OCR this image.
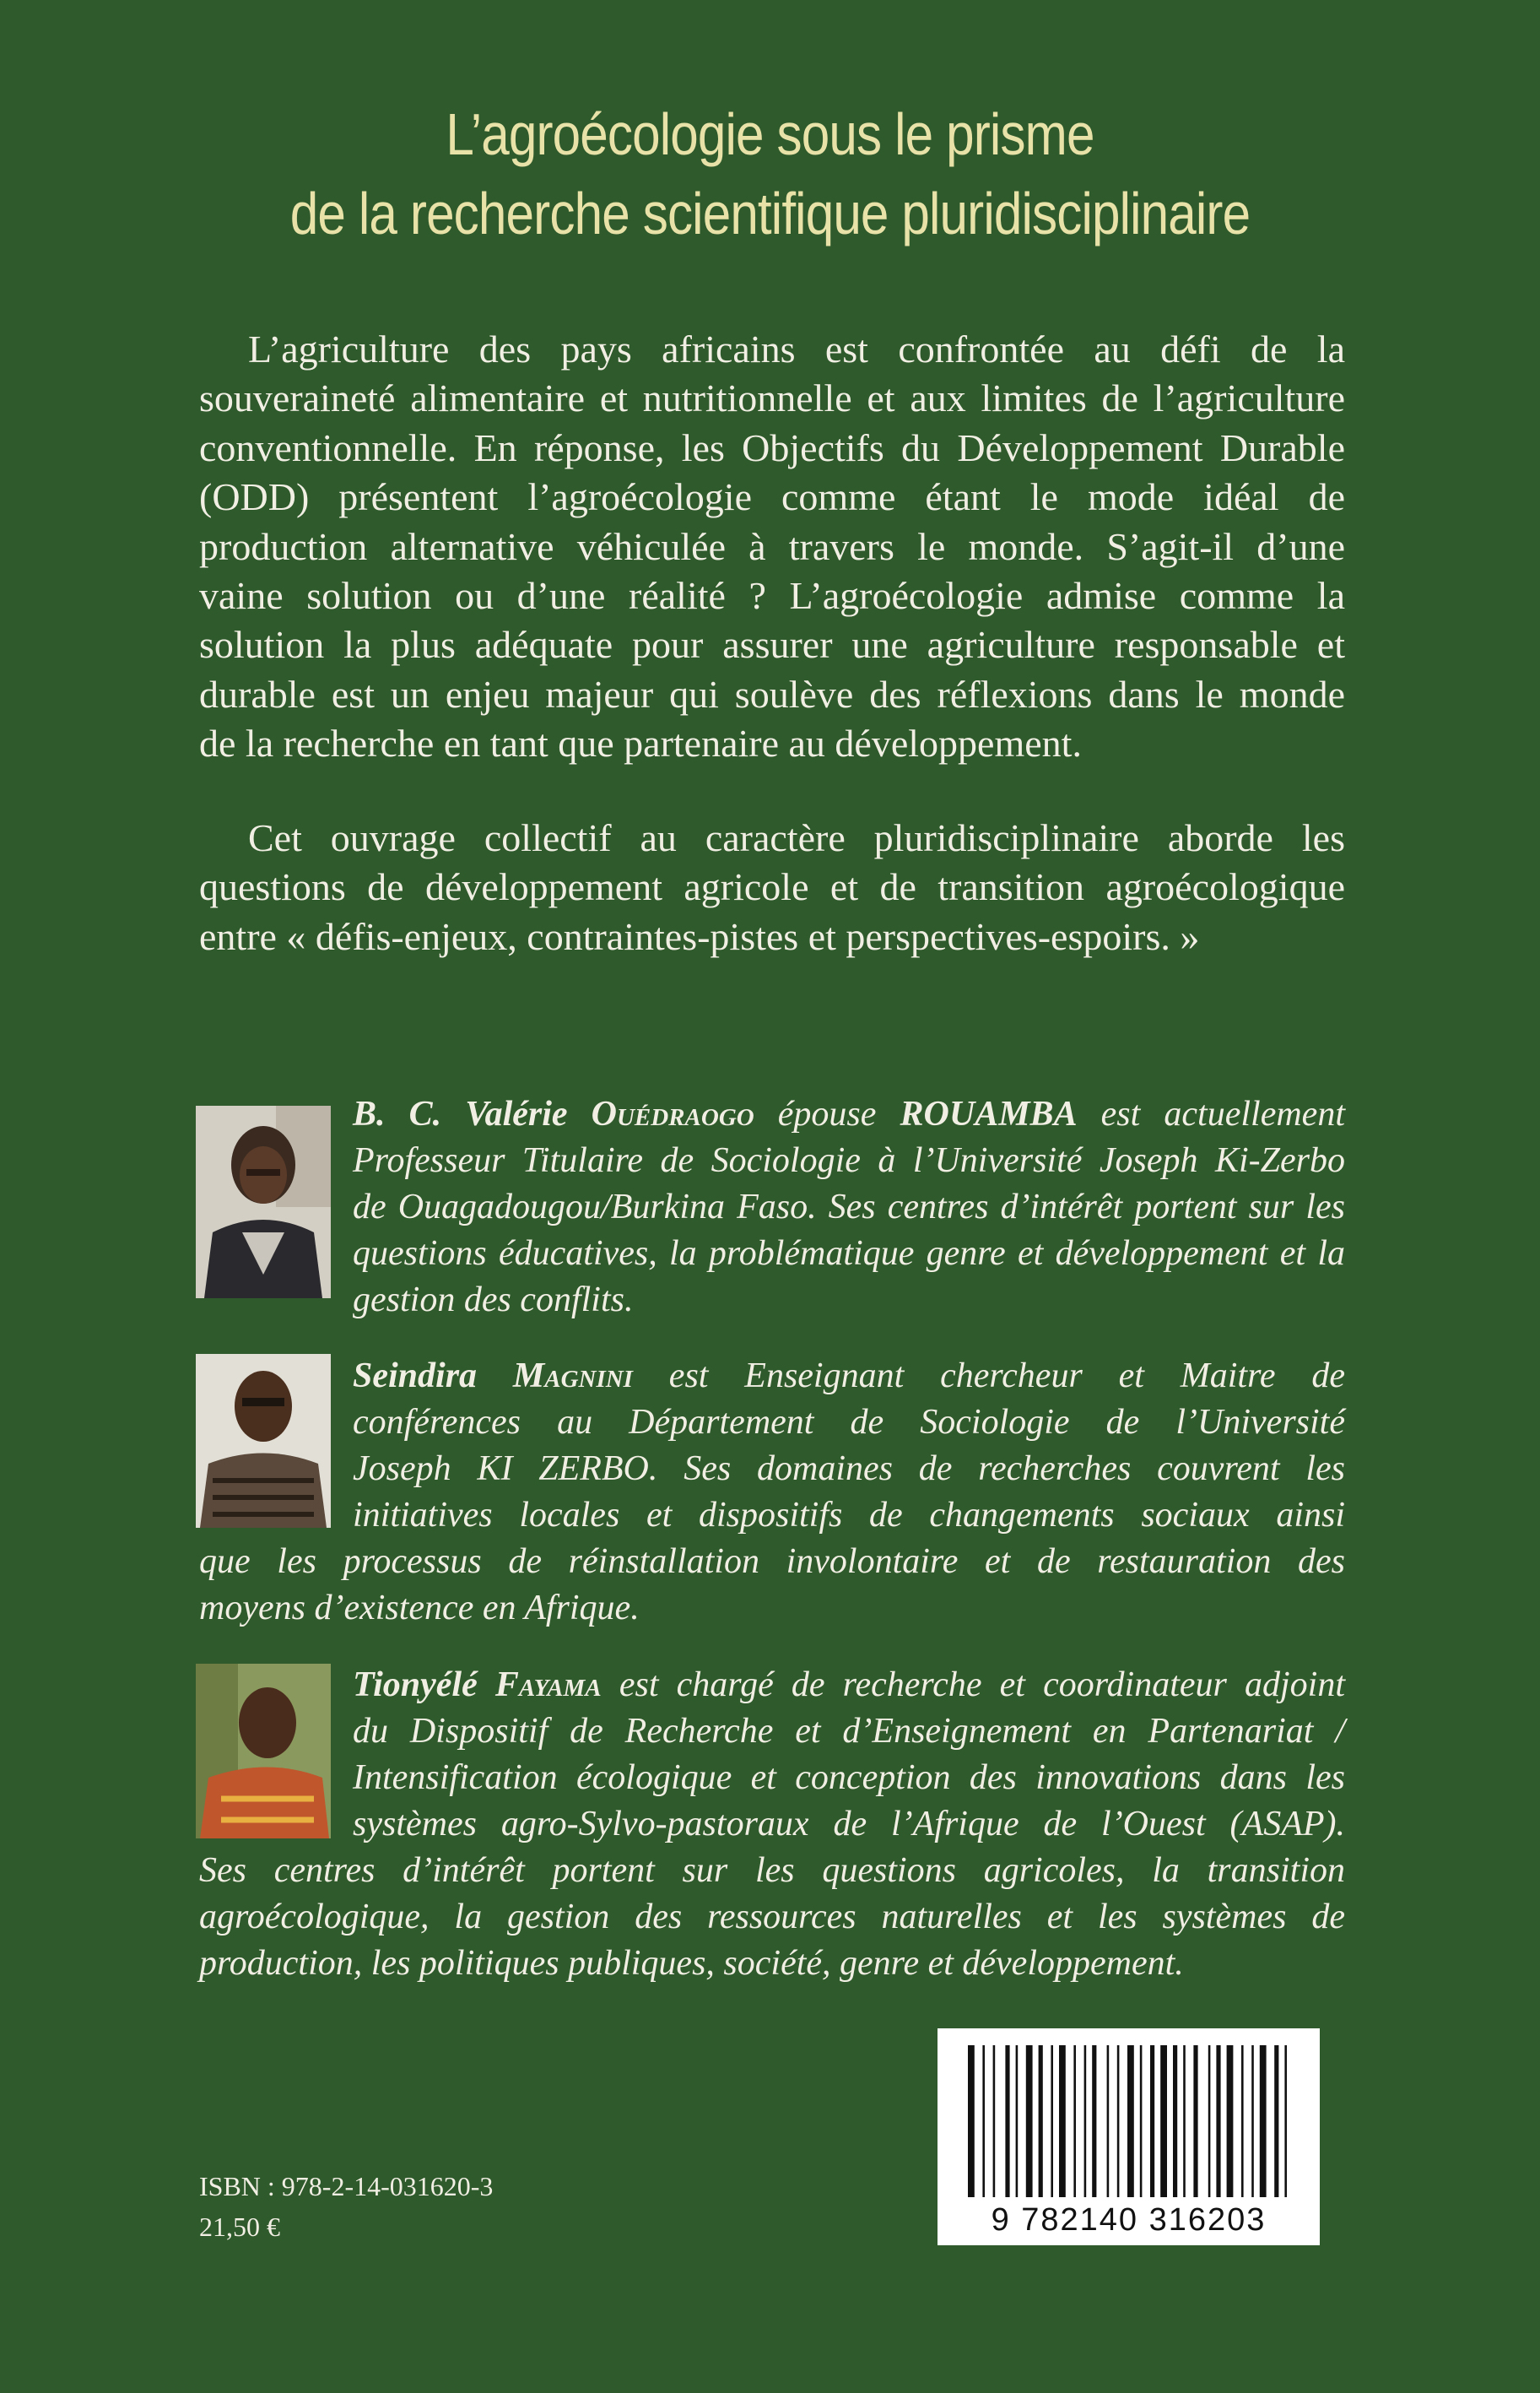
L’agroécologie sous le prisme
de la recherche scientifique pluridisciplinaire
L’agriculture des pays africains est confrontée au défi de la
souveraineté alimentaire et nutritionnelle et aux limites de l’agriculture
conventionnelle. En réponse, les Objectifs du Développement Durable
(ODD) présentent l’agroécologie comme étant le mode idéal de
production alternative véhiculée à travers le monde. S’agit-il d’une
vaine solution ou d’une réalité ? L’agroécologie admise comme la
solution la plus adéquate pour assurer une agriculture responsable et
durable est un enjeu majeur qui soulève des réflexions dans le monde
de la recherche en tant que partenaire au développement.
Cet ouvrage collectif au caractère pluridisciplinaire aborde les
questions de développement agricole et de transition agroécologique
entre « défis-enjeux, contraintes-pistes et perspectives-espoirs. »
B. C. Valérie Ouédraogo épouse ROUAMBA est actuellement
Professeur Titulaire de Sociologie à l’Université Joseph Ki-Zerbo
de Ouagadougou/Burkina Faso. Ses centres d’intérêt portent sur les
questions éducatives, la problématique genre et développement et la
gestion des conflits.
Seindira Magnini est Enseignant chercheur et Maitre de
conférences au Département de Sociologie de l’Université
Joseph KI ZERBO. Ses domaines de recherches couvrent les
initiatives locales et dispositifs de changements sociaux ainsi
que les processus de réinstallation involontaire et de restauration des
moyens d’existence en Afrique.
Tionyélé Fayama est chargé de recherche et coordinateur adjoint
du Dispositif de Recherche et d’Enseignement en Partenariat /
Intensification écologique et conception des innovations dans les
systèmes agro-Sylvo-pastoraux de l’Afrique de l’Ouest (ASAP).
Ses centres d’intérêt portent sur les questions agricoles, la transition
agroécologique, la gestion des ressources naturelles et les systèmes de
production, les politiques publiques, société, genre et développement.
ISBN : 978-2-14-031620-3
21,50 €	9 782140 316203
